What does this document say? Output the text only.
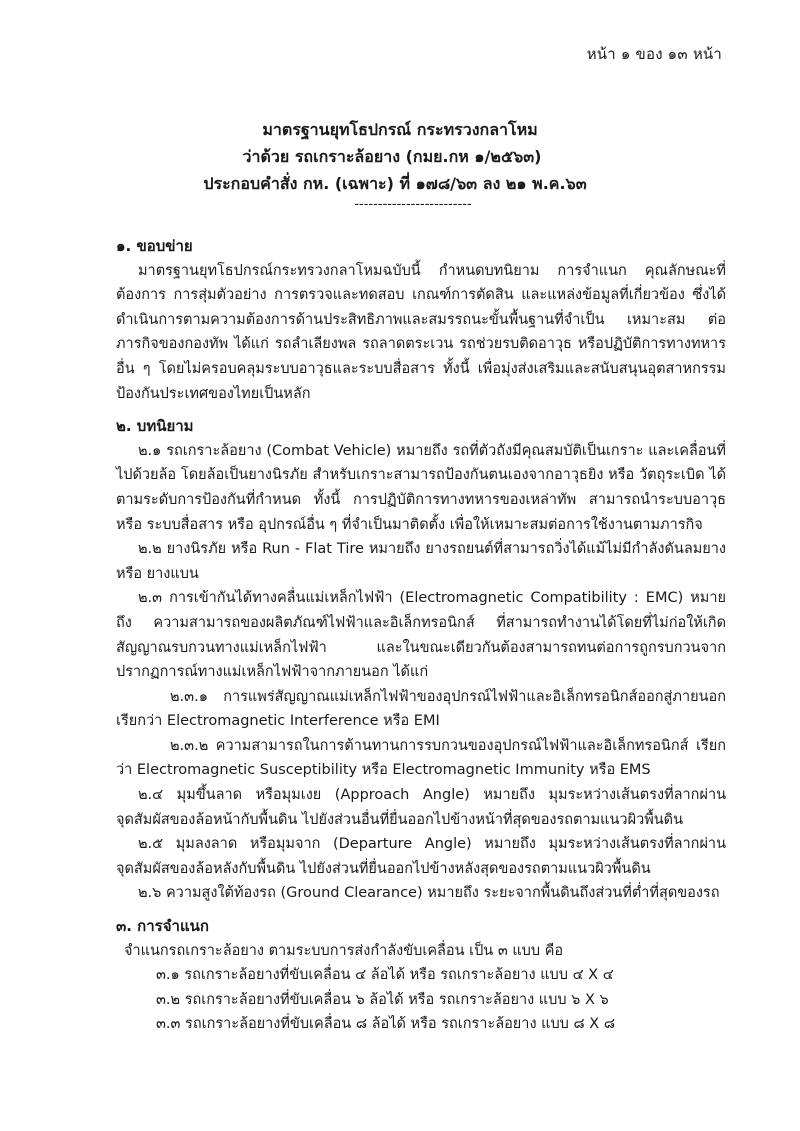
หน้า ๑ ของ ๑๓ หน้า
มาตรฐานยุทโธปกรณ์ กระทรวงกลาโหม
ว่าด้วย รถเกราะล้อยาง (กมย.กห ๑/๒๕๖๓)
ประกอบคำสั่ง กห. (เฉพาะ) ที่ ๑๗๘/๖๓ ลง ๒๑ พ.ค.๖๓
-------------------------
๑. ขอบข่าย

มาตรฐานยุทโธปกรณ์กระทรวงกลาโหมฉบับนี้ กำหนดบทนิยาม การจำแนก คุณลักษณะที่ต้องการ การสุ่มตัวอย่าง การตรวจและทดสอบ เกณฑ์การตัดสิน และแหล่งข้อมูลที่เกี่ยวข้อง ซึ่งได้ดำเนินการตามความต้องการด้านประสิทธิภาพและสมรรถนะขั้นพื้นฐานที่จำเป็น เหมาะสม ต่อภารกิจของกองทัพ ได้แก่ รถลำเลียงพล รถลาดตระเวน รถช่วยรบติดอาวุธ หรือปฏิบัติการทางทหารอื่น ๆ โดยไม่ครอบคลุมระบบอาวุธและระบบสื่อสาร ทั้งนี้ เพื่อมุ่งส่งเสริมและสนับสนุนอุตสาหกรรมป้องกันประเทศของไทยเป็นหลัก

๒. บทนิยาม

๒.๑ รถเกราะล้อยาง (Combat Vehicle) หมายถึง รถที่ตัวถังมีคุณสมบัติเป็นเกราะ และเคลื่อนที่ไปด้วยล้อ โดยล้อเป็นยางนิรภัย สำหรับเกราะสามารถป้องกันตนเองจากอาวุธยิง หรือ วัตถุระเบิด ได้ตามระดับการป้องกันที่กำหนด ทั้งนี้ การปฏิบัติการทางทหารของเหล่าทัพ สามารถนำระบบอาวุธ หรือ ระบบสื่อสาร หรือ อุปกรณ์อื่น ๆ ที่จำเป็นมาติดตั้ง เพื่อให้เหมาะสมต่อการใช้งานตามภารกิจ

๒.๒ ยางนิรภัย หรือ Run - Flat Tire หมายถึง ยางรถยนต์ที่สามารถวิ่งได้แม้ไม่มีกำลังดันลมยาง หรือ ยางแบน

๒.๓ การเข้ากันได้ทางคลื่นแม่เหล็กไฟฟ้า (Electromagnetic Compatibility : EMC) หมายถึง ความสามารถของผลิตภัณฑ์ไฟฟ้าและอิเล็กทรอนิกส์ ที่สามารถทำงานได้โดยที่ไม่ก่อให้เกิดสัญญาณรบกวนทางแม่เหล็กไฟฟ้า และในขณะเดียวกันต้องสามารถทนต่อการถูกรบกวนจากปรากฏการณ์ทางแม่เหล็กไฟฟ้าจากภายนอก ได้แก่

๒.๓.๑ การแพร่สัญญาณแม่เหล็กไฟฟ้าของอุปกรณ์ไฟฟ้าและอิเล็กทรอนิกส์ออกสู่ภายนอก เรียกว่า Electromagnetic Interference หรือ EMI

๒.๓.๒ ความสามารถในการต้านทานการรบกวนของอุปกรณ์ไฟฟ้าและอิเล็กทรอนิกส์ เรียกว่า Electromagnetic Susceptibility หรือ Electromagnetic Immunity หรือ EMS

๒.๔ มุมขึ้นลาด หรือมุมเงย (Approach Angle) หมายถึง มุมระหว่างเส้นตรงที่ลากผ่านจุดสัมผัสของล้อหน้ากับพื้นดิน ไปยังส่วนอื่นที่ยื่นออกไปข้างหน้าที่สุดของรถตามแนวผิวพื้นดิน

๒.๕ มุมลงลาด หรือมุมจาก (Departure Angle) หมายถึง มุมระหว่างเส้นตรงที่ลากผ่านจุดสัมผัสของล้อหลังกับพื้นดิน ไปยังส่วนที่ยื่นออกไปข้างหลังสุดของรถตามแนวผิวพื้นดิน

๒.๖ ความสูงใต้ท้องรถ (Ground Clearance) หมายถึง ระยะจากพื้นดินถึงส่วนที่ต่ำที่สุดของรถ

๓. การจำแนก

จำแนกรถเกราะล้อยาง ตามระบบการส่งกำลังขับเคลื่อน เป็น ๓ แบบ คือ

๓.๑ รถเกราะล้อยางที่ขับเคลื่อน ๔ ล้อได้ หรือ รถเกราะล้อยาง แบบ ๔ X ๔

๓.๒ รถเกราะล้อยางที่ขับเคลื่อน ๖ ล้อได้ หรือ รถเกราะล้อยาง แบบ ๖ X ๖

๓.๓ รถเกราะล้อยางที่ขับเคลื่อน ๘ ล้อได้ หรือ รถเกราะล้อยาง แบบ ๘ X ๘
